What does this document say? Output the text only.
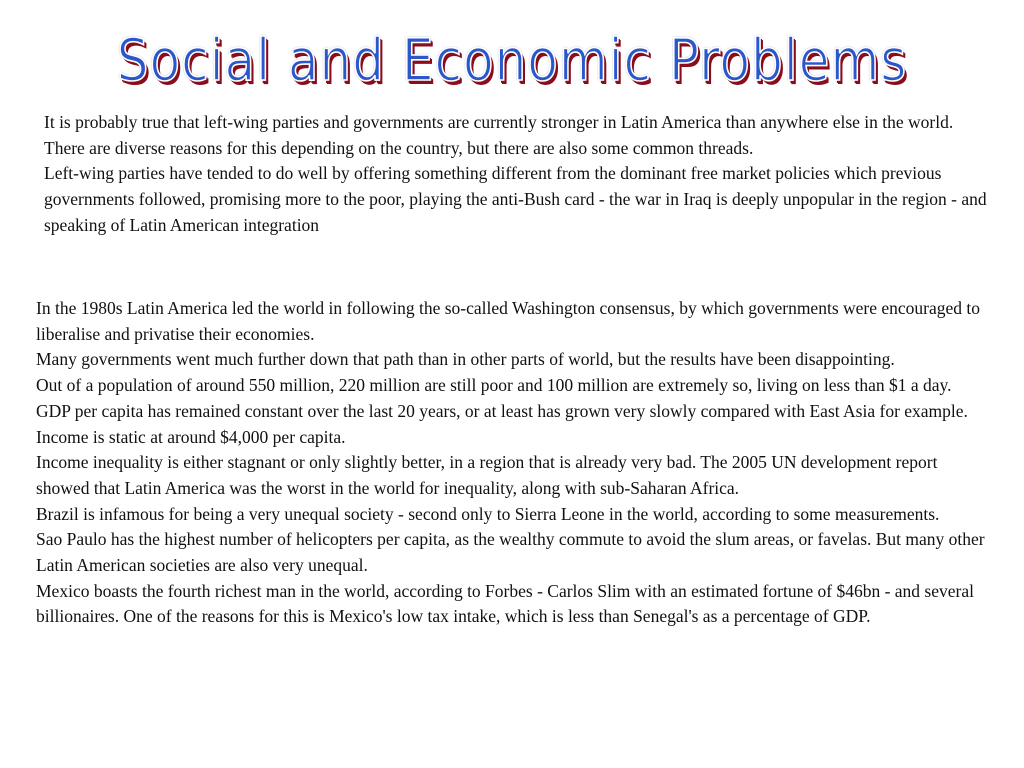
Social and Economic Problems

It is probably true that left-wing parties and governments are currently stronger in Latin America than anywhere else in the world. There are diverse reasons for this depending on the country, but there are also some common threads.

Left-wing parties have tended to do well by offering something different from the dominant free market policies which previous governments followed, promising more to the poor, playing the anti-Bush card - the war in Iraq is deeply unpopular in the region - and speaking of Latin American integration

In the 1980s Latin America led the world in following the so-called Washington consensus, by which governments were encouraged to liberalise and privatise their economies.

Many governments went much further down that path than in other parts of world, but the results have been disappointing.

Out of a population of around 550 million, 220 million are still poor and 100 million are extremely so, living on less than $1 a day.

GDP per capita has remained constant over the last 20 years, or at least has grown very slowly compared with East Asia for example. Income is static at around $4,000 per capita.

Income inequality is either stagnant or only slightly better, in a region that is already very bad. The 2005 UN development report showed that Latin America was the worst in the world for inequality, along with sub-Saharan Africa.

Brazil is infamous for being a very unequal society - second only to Sierra Leone in the world, according to some measurements.

Sao Paulo has the highest number of helicopters per capita, as the wealthy commute to avoid the slum areas, or favelas. But many other Latin American societies are also very unequal.

Mexico boasts the fourth richest man in the world, according to Forbes - Carlos Slim with an estimated fortune of $46bn - and several billionaires. One of the reasons for this is Mexico's low tax intake, which is less than Senegal's as a percentage of GDP.
